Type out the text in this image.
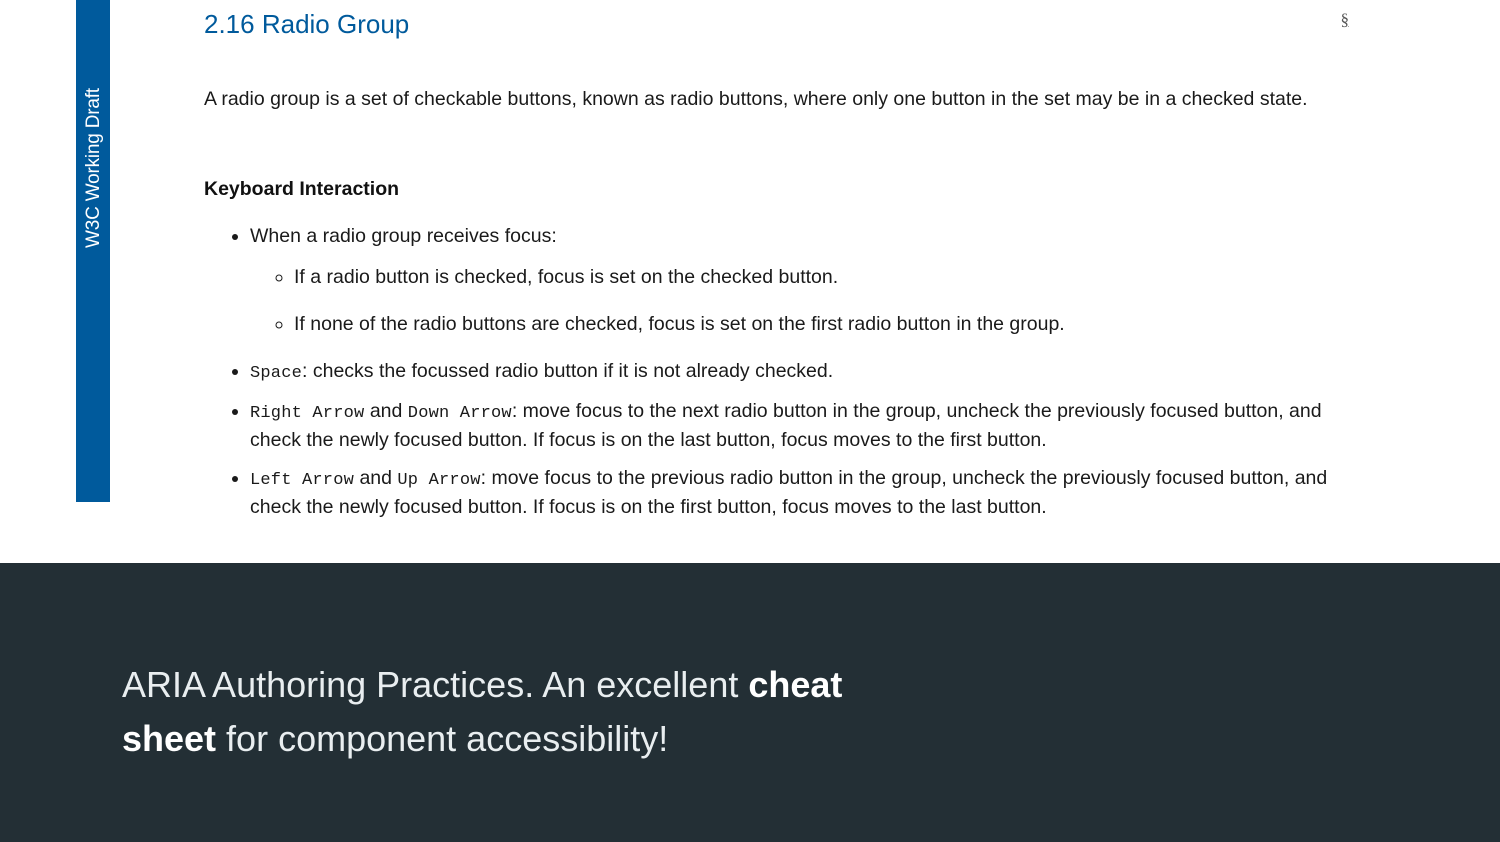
W3C Working Draft
2.16 Radio Group	§

A radio group is a set of checkable buttons, known as radio buttons, where only one button in the set may be in a checked state.

Keyboard Interaction
• When a radio group receives focus:
◦ If a radio button is checked, focus is set on the checked button.
◦ If none of the radio buttons are checked, focus is set on the first radio button in the group.
• Space: checks the focussed radio button if it is not already checked.
• Right Arrow and Down Arrow: move focus to the next radio button in the group, uncheck the previously focused button, and check the newly focused button. If focus is on the last button, focus moves to the first button.
• Left Arrow and Up Arrow: move focus to the previous radio button in the group, uncheck the previously focused button, and check the newly focused button. If focus is on the first button, focus moves to the last button.
ARIA Authoring Practices. An excellent cheat
sheet for component accessibility!
